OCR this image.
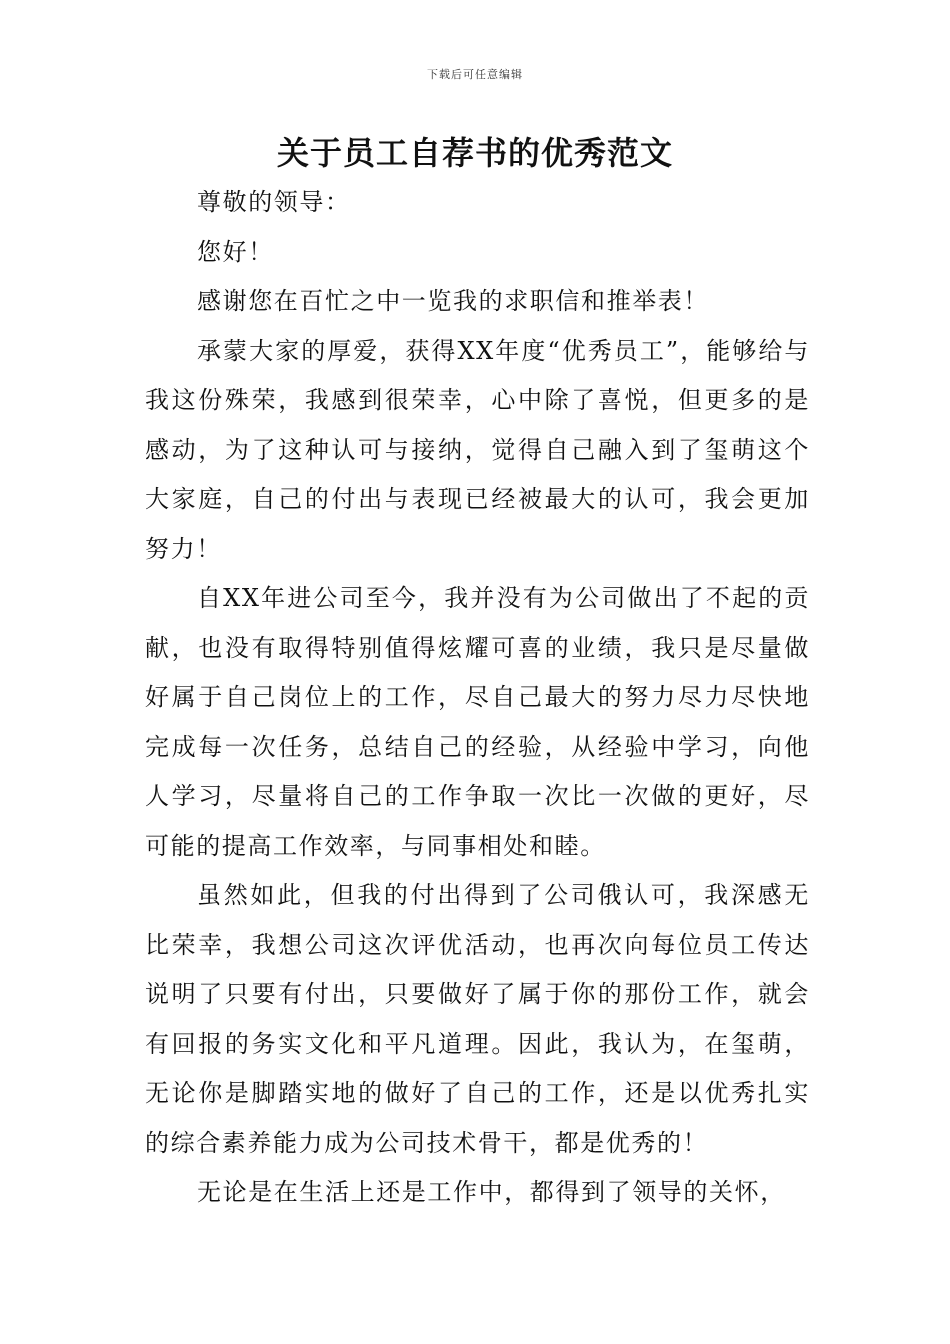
下载后可任意编辑
关于员工自荐书的优秀范文

尊敬的领导：

您好！

感谢您在百忙之中一览我的求职信和推举表！

承蒙大家的厚爱，获得XX年度“优秀员工”，能够给与我这份殊荣，我感到很荣幸，心中除了喜悦，但更多的是感动，为了这种认可与接纳，觉得自己融入到了玺萌这个大家庭，自己的付出与表现已经被最大的认可，我会更加努力！

自XX年进公司至今，我并没有为公司做出了不起的贡献，也没有取得特别值得炫耀可喜的业绩，我只是尽量做好属于自己岗位上的工作，尽自己最大的努力尽力尽快地完成每一次任务，总结自己的经验，从经验中学习，向他人学习，尽量将自己的工作争取一次比一次做的更好，尽可能的提高工作效率，与同事相处和睦。

虽然如此，但我的付出得到了公司俄认可，我深感无比荣幸，我想公司这次评优活动，也再次向每位员工传达说明了只要有付出，只要做好了属于你的那份工作，就会有回报的务实文化和平凡道理。因此，我认为，在玺萌，无论你是脚踏实地的做好了自己的工作，还是以优秀扎实的综合素养能力成为公司技术骨干，都是优秀的！

无论是在生活上还是工作中，都得到了领导的关怀，
